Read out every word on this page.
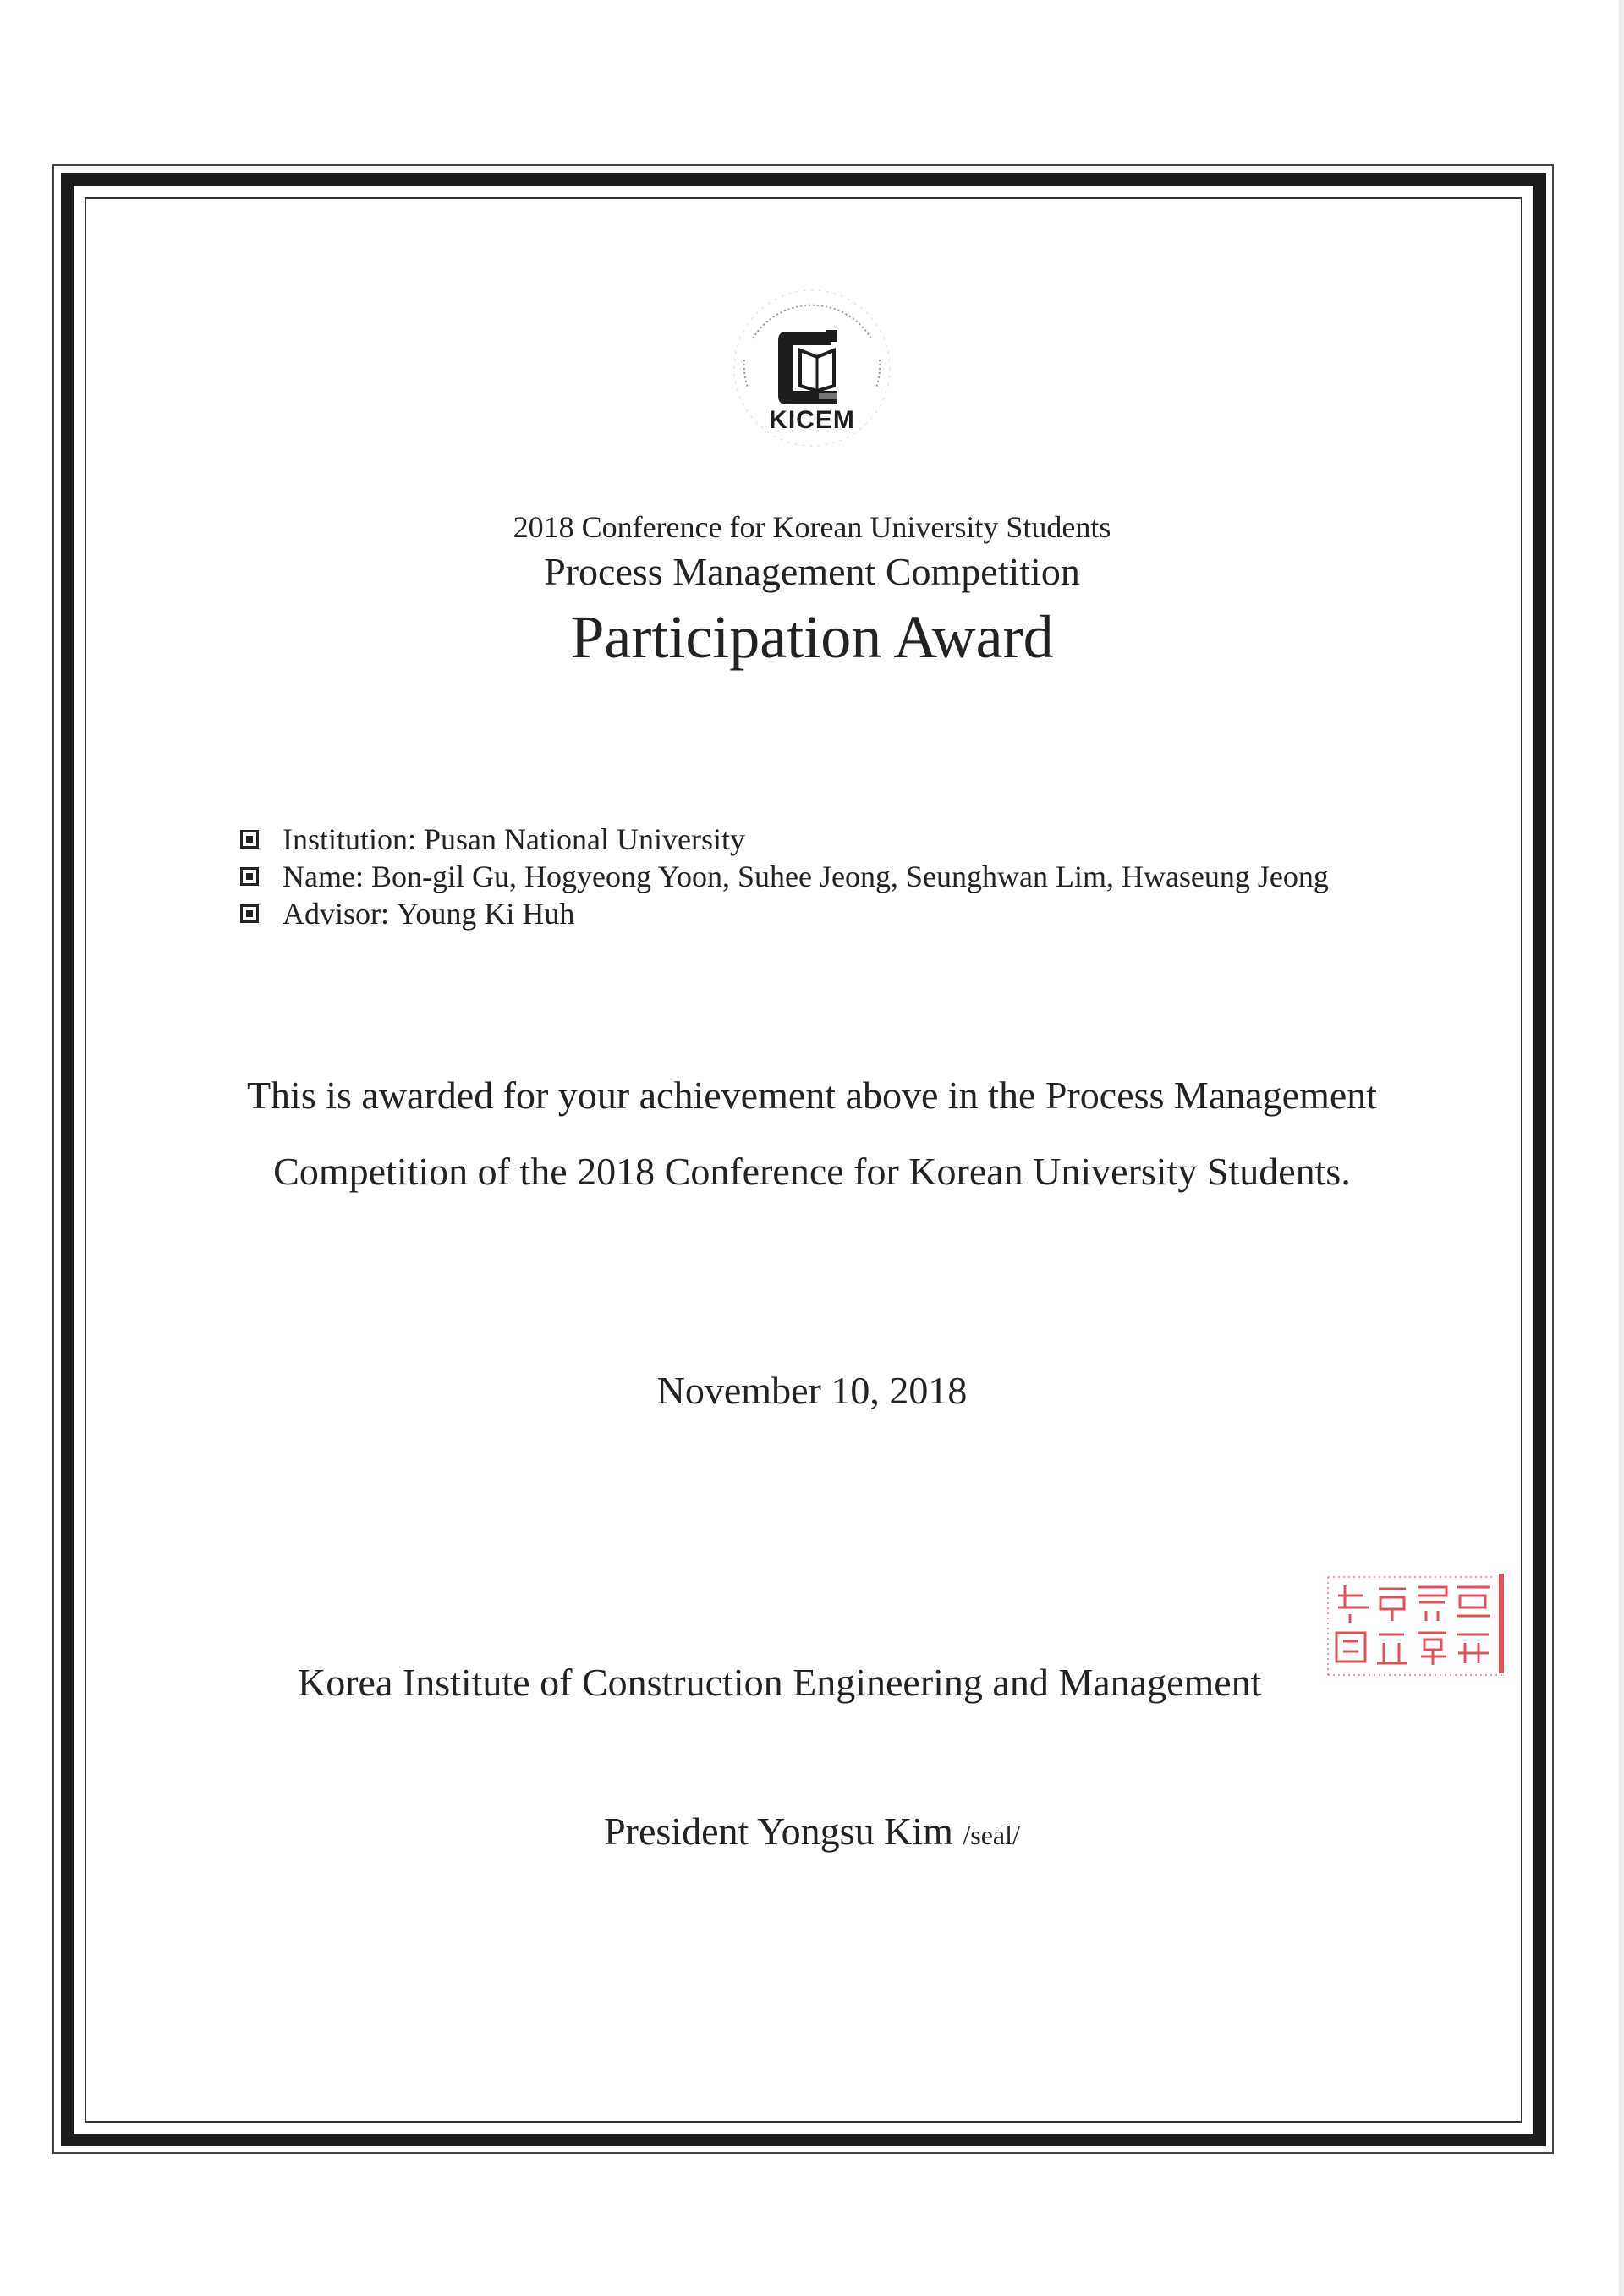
KICEM
2018 Conference for Korean University Students
Process Management Competition
Participation Award
Institution:
Pusan National University
Name:
Bon-gil Gu, Hogyeong Yoon, Suhee Jeong, Seunghwan Lim, Hwaseung Jeong
Advisor:
Young Ki Huh
This is awarded for your achievement above in the Process Management
Competition of the 2018 Conference for Korean University Students.
November 10, 2018
Korea Institute of Construction Engineering and Management
President Yongsu Kim /seal/
